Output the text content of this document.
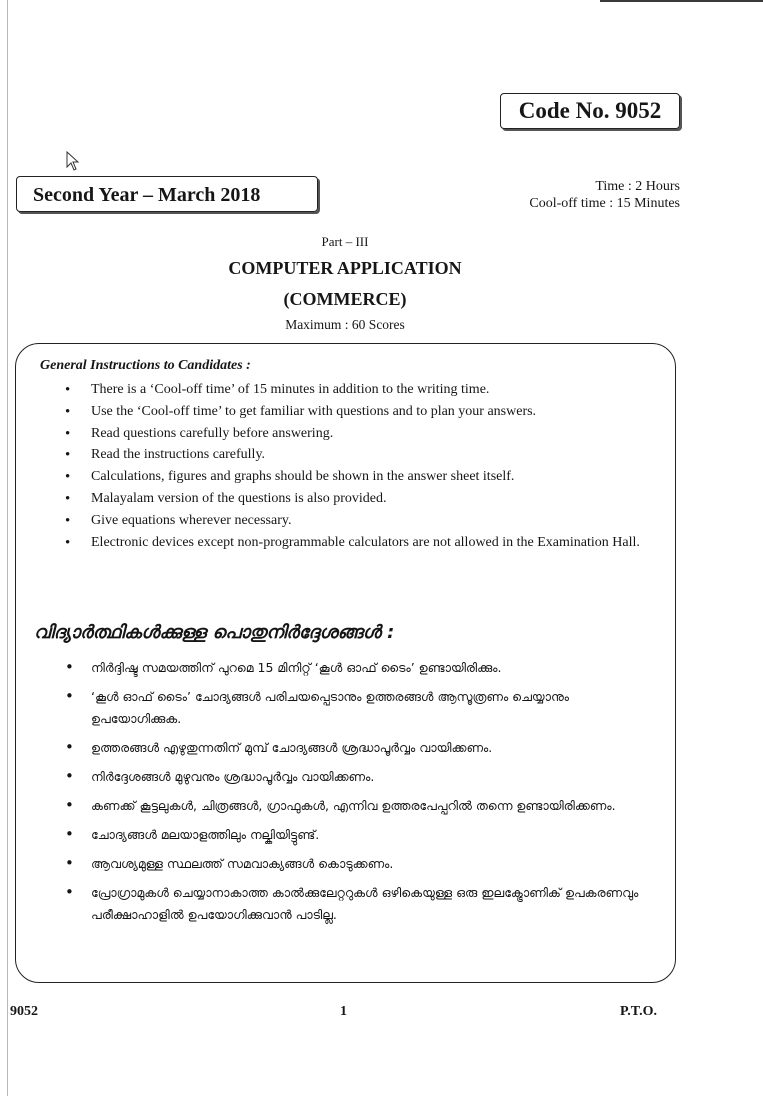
Code No. 9052
Second Year – March 2018	Time : 2 Hours
Cool-off time : 15 Minutes
Part – III
COMPUTER APPLICATION
(COMMERCE)
Maximum : 60 Scores
General Instructions to Candidates :
• There is a ‘Cool-off time’ of 15 minutes in addition to the writing time.
• Use the ‘Cool-off time’ to get familiar with questions and to plan your answers.
• Read questions carefully before answering.
• Read the instructions carefully.
• Calculations, figures and graphs should be shown in the answer sheet itself.
• Malayalam version of the questions is also provided.
• Give equations wherever necessary.
• Electronic devices except non-programmable calculators are not allowed in the Examination Hall.
വിദ്യാർത്ഥികൾക്കുള്ള പൊതുനിർദ്ദേശങ്ങൾ :
• നിർദ്ദിഷ്ട സമയത്തിന് പുറമെ 15 മിനിറ്റ് ‘കൂൾ ഓഫ് ടൈം’ ഉണ്ടായിരിക്കും.
• ‘കൂൾ ഓഫ് ടൈം’ ചോദ്യങ്ങൾ പരിചയപ്പെടാനും ഉത്തരങ്ങൾ ആസൂത്രണം ചെയ്യാനും ഉപയോഗിക്കുക.
• ഉത്തരങ്ങൾ എഴുതുന്നതിന് മുമ്പ് ചോദ്യങ്ങൾ ശ്രദ്ധാപൂർവ്വം വായിക്കണം.
• നിർദ്ദേശങ്ങൾ മുഴുവനും ശ്രദ്ധാപൂർവ്വം വായിക്കണം.
• കണക്ക് കൂട്ടലുകൾ, ചിത്രങ്ങൾ, ഗ്രാഫുകൾ, എന്നിവ ഉത്തരപേപ്പറിൽ തന്നെ ഉണ്ടായിരിക്കണം.
• ചോദ്യങ്ങൾ മലയാളത്തിലും നല്കിയിട്ടുണ്ട്.
• ആവശ്യമുള്ള സ്ഥലത്ത് സമവാക്യങ്ങൾ കൊടുക്കണം.
• പ്രോഗ്രാമുകൾ ചെയ്യാനാകാത്ത കാൽക്കുലേറ്ററുകൾ ഒഴികെയുള്ള ഒരു ഇലക്ട്രോണിക് ഉപകരണവും പരീക്ഷാഹാളിൽ ഉപയോഗിക്കുവാൻ പാടില്ല.
9052	1	P.T.O.
